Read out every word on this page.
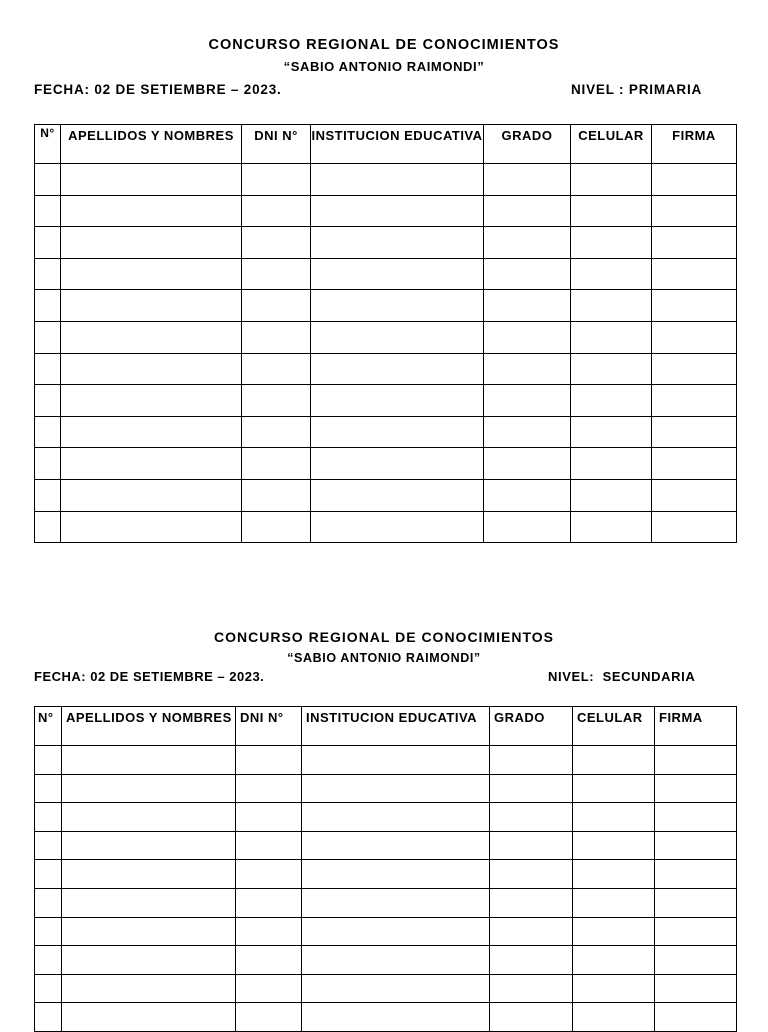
CONCURSO REGIONAL DE CONOCIMIENTOS
“SABIO ANTONIO RAIMONDI”
FECHA: 02 DE SETIEMBRE – 2023.	NIVEL : PRIMARIA
N°	APELLIDOS Y NOMBRES	DNI N°	INSTITUCION EDUCATIVA	GRADO	CELULAR	FIRMA

CONCURSO REGIONAL DE CONOCIMIENTOS
“SABIO ANTONIO RAIMONDI”
FECHA: 02 DE SETIEMBRE – 2023.	NIVEL:  SECUNDARIA
N°	APELLIDOS Y NOMBRES	DNI N°	INSTITUCION EDUCATIVA	GRADO	CELULAR	FIRMA
